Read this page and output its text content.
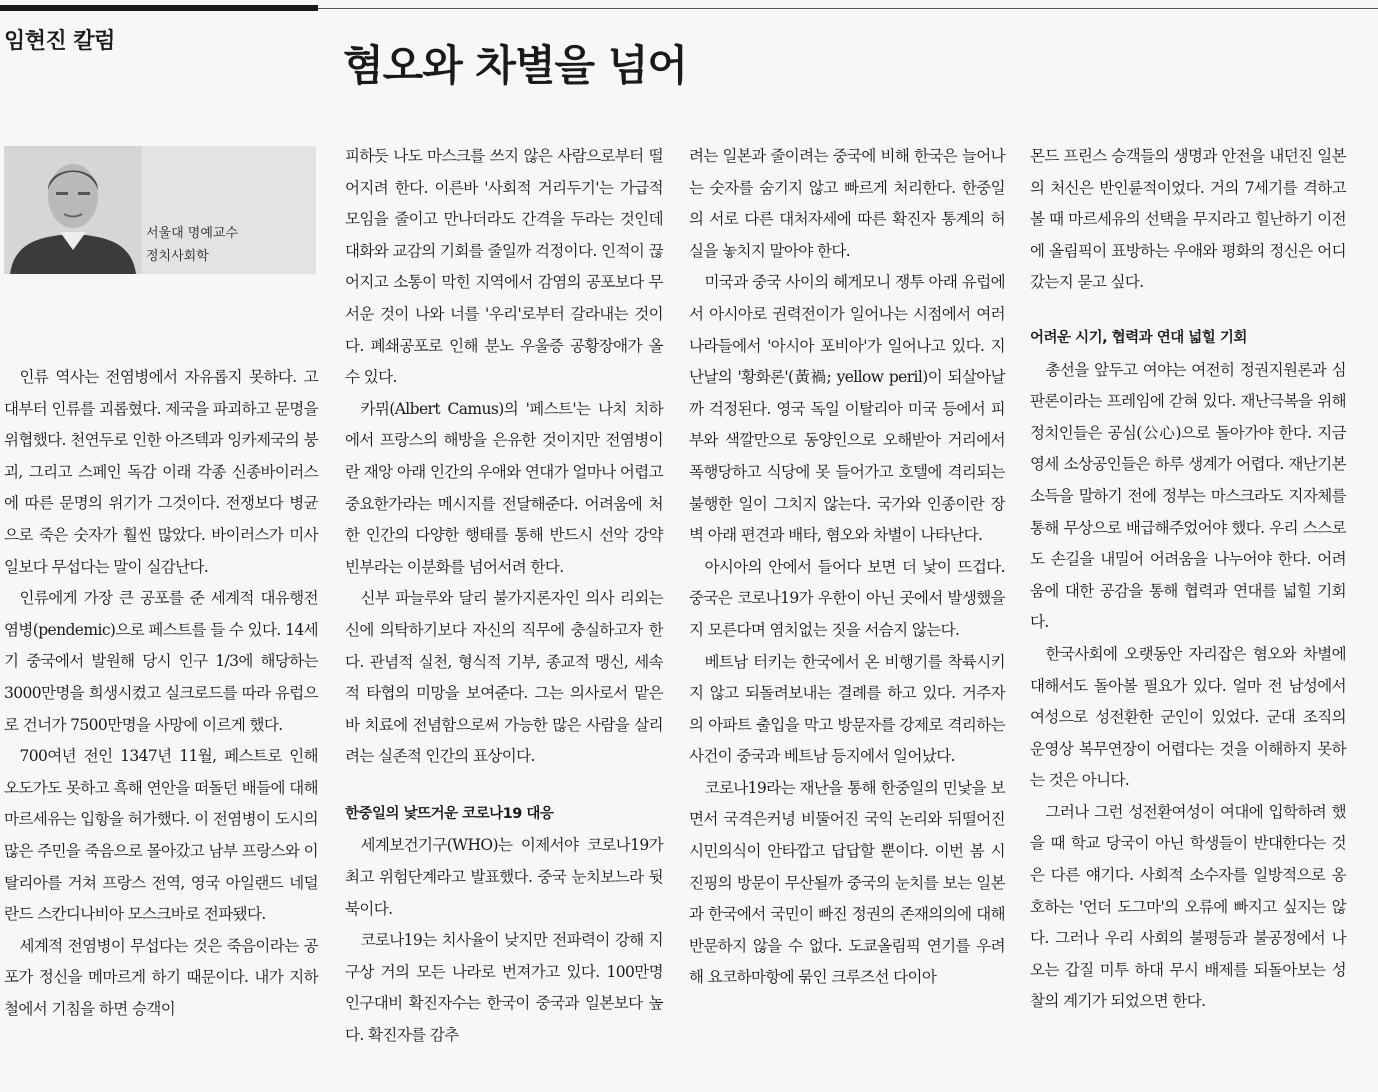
임현진 칼럼	혐오와 차별을 넘어
서울대 명예교수
정치사회학

인류 역사는 전염병에서 자유롭지 못하다. 고대부터 인류를 괴롭혔다. 제국을 파괴하고 문명을 위협했다. 천연두로 인한 아즈텍과 잉카제국의 붕괴, 그리고 스페인 독감 이래 각종 신종바이러스에 따른 문명의 위기가 그것이다. 전쟁보다 병균으로 죽은 숫자가 훨씬 많았다. 바이러스가 미사일보다 무섭다는 말이 실감난다.

인류에게 가장 큰 공포를 준 세계적 대유행전염병(pendemic)으로 페스트를 들 수 있다. 14세기 중국에서 발원해 당시 인구 1/3에 해당하는 3000만명을 희생시켰고 실크로드를 따라 유럽으로 건너가 7500만명을 사망에 이르게 했다.

700여년 전인 1347년 11월, 페스트로 인해 오도가도 못하고 흑해 연안을 떠돌던 배들에 대해 마르세유는 입항을 허가했다. 이 전염병이 도시의 많은 주민을 죽음으로 몰아갔고 남부 프랑스와 이탈리아를 거쳐 프랑스 전역, 영국 아일랜드 네덜란드 스칸디나비아 모스크바로 전파됐다.

세계적 전염병이 무섭다는 것은 죽음이라는 공포가 정신을 메마르게 하기 때문이다. 내가 지하철에서 기침을 하면 승객이

피하듯 나도 마스크를 쓰지 않은 사람으로부터 떨어지려 한다. 이른바 '사회적 거리두기'는 가급적 모임을 줄이고 만나더라도 간격을 두라는 것인데 대화와 교감의 기회를 줄일까 걱정이다. 인적이 끊어지고 소통이 막힌 지역에서 감염의 공포보다 무서운 것이 나와 너를 '우리'로부터 갈라내는 것이다. 폐쇄공포로 인해 분노 우울증 공황장애가 올 수 있다.

카뮈(Albert Camus)의 '페스트'는 나치 치하에서 프랑스의 해방을 은유한 것이지만 전염병이란 재앙 아래 인간의 우애와 연대가 얼마나 어렵고 중요한가라는 메시지를 전달해준다. 어려움에 처한 인간의 다양한 행태를 통해 반드시 선악 강약 빈부라는 이분화를 넘어서려 한다.

신부 파늘루와 달리 불가지론자인 의사 리외는 신에 의탁하기보다 자신의 직무에 충실하고자 한다. 관념적 실천, 형식적 기부, 종교적 맹신, 세속적 타협의 미망을 보여준다. 그는 의사로서 맡은 바 치료에 전념함으로써 가능한 많은 사람을 살리려는 실존적 인간의 표상이다.

한중일의 낯뜨거운 코로나19 대응

세계보건기구(WHO)는 이제서야 코로나19가 최고 위험단계라고 발표했다. 중국 눈치보느라 뒷북이다.

코로나19는 치사율이 낮지만 전파력이 강해 지구상 거의 모든 나라로 번져가고 있다. 100만명 인구대비 확진자수는 한국이 중국과 일본보다 높다. 확진자를 감추

려는 일본과 줄이려는 중국에 비해 한국은 늘어나는 숫자를 숨기지 않고 빠르게 처리한다. 한중일의 서로 다른 대처자세에 따른 확진자 통계의 허실을 놓치지 말아야 한다.

미국과 중국 사이의 헤게모니 쟁투 아래 유럽에서 아시아로 권력전이가 일어나는 시점에서 여러 나라들에서 '아시아 포비아'가 일어나고 있다. 지난날의 '황화론'(黃禍; yellow peril)이 되살아날까 걱정된다. 영국 독일 이탈리아 미국 등에서 피부와 색깔만으로 동양인으로 오해받아 거리에서 폭행당하고 식당에 못 들어가고 호텔에 격리되는 불행한 일이 그치지 않는다. 국가와 인종이란 장벽 아래 편견과 배타, 혐오와 차별이 나타난다.

아시아의 안에서 들어다 보면 더 낯이 뜨겁다. 중국은 코로나19가 우한이 아닌 곳에서 발생했을지 모른다며 염치없는 짓을 서슴지 않는다.

베트남 터키는 한국에서 온 비행기를 착륙시키지 않고 되돌려보내는 결례를 하고 있다. 거주자의 아파트 출입을 막고 방문자를 강제로 격리하는 사건이 중국과 베트남 등지에서 일어났다.

코로나19라는 재난을 통해 한중일의 민낯을 보면서 국격은커녕 비뚤어진 국익 논리와 뒤떨어진 시민의식이 안타깝고 답답할 뿐이다. 이번 봄 시진핑의 방문이 무산될까 중국의 눈치를 보는 일본과 한국에서 국민이 빠진 정권의 존재의의에 대해 반문하지 않을 수 없다. 도쿄올림픽 연기를 우려해 요코하마항에 묶인 크루즈선 다이아

몬드 프린스 승객들의 생명과 안전을 내던진 일본의 처신은 반인륜적이었다. 거의 7세기를 격하고 볼 때 마르세유의 선택을 무지라고 힐난하기 이전에 올림픽이 표방하는 우애와 평화의 정신은 어디 갔는지 묻고 싶다.

어려운 시기, 협력과 연대 넓힐 기회

총선을 앞두고 여야는 여전히 정권지원론과 심판론이라는 프레임에 갇혀 있다. 재난극복을 위해 정치인들은 공심(公心)으로 돌아가야 한다. 지금 영세 소상공인들은 하루 생계가 어렵다. 재난기본소득을 말하기 전에 정부는 마스크라도 지자체를 통해 무상으로 배급해주었어야 했다. 우리 스스로도 손길을 내밀어 어려움을 나누어야 한다. 어려움에 대한 공감을 통해 협력과 연대를 넓힐 기회다.

한국사회에 오랫동안 자리잡은 혐오와 차별에 대해서도 돌아볼 필요가 있다. 얼마 전 남성에서 여성으로 성전환한 군인이 있었다. 군대 조직의 운영상 복무연장이 어렵다는 것을 이해하지 못하는 것은 아니다.

그러나 그런 성전환여성이 여대에 입학하려 했을 때 학교 당국이 아닌 학생들이 반대한다는 것은 다른 얘기다. 사회적 소수자를 일방적으로 옹호하는 '언더 도그마'의 오류에 빠지고 싶지는 않다. 그러나 우리 사회의 불평등과 불공정에서 나오는 갑질 미투 하대 무시 배제를 되돌아보는 성찰의 계기가 되었으면 한다.
